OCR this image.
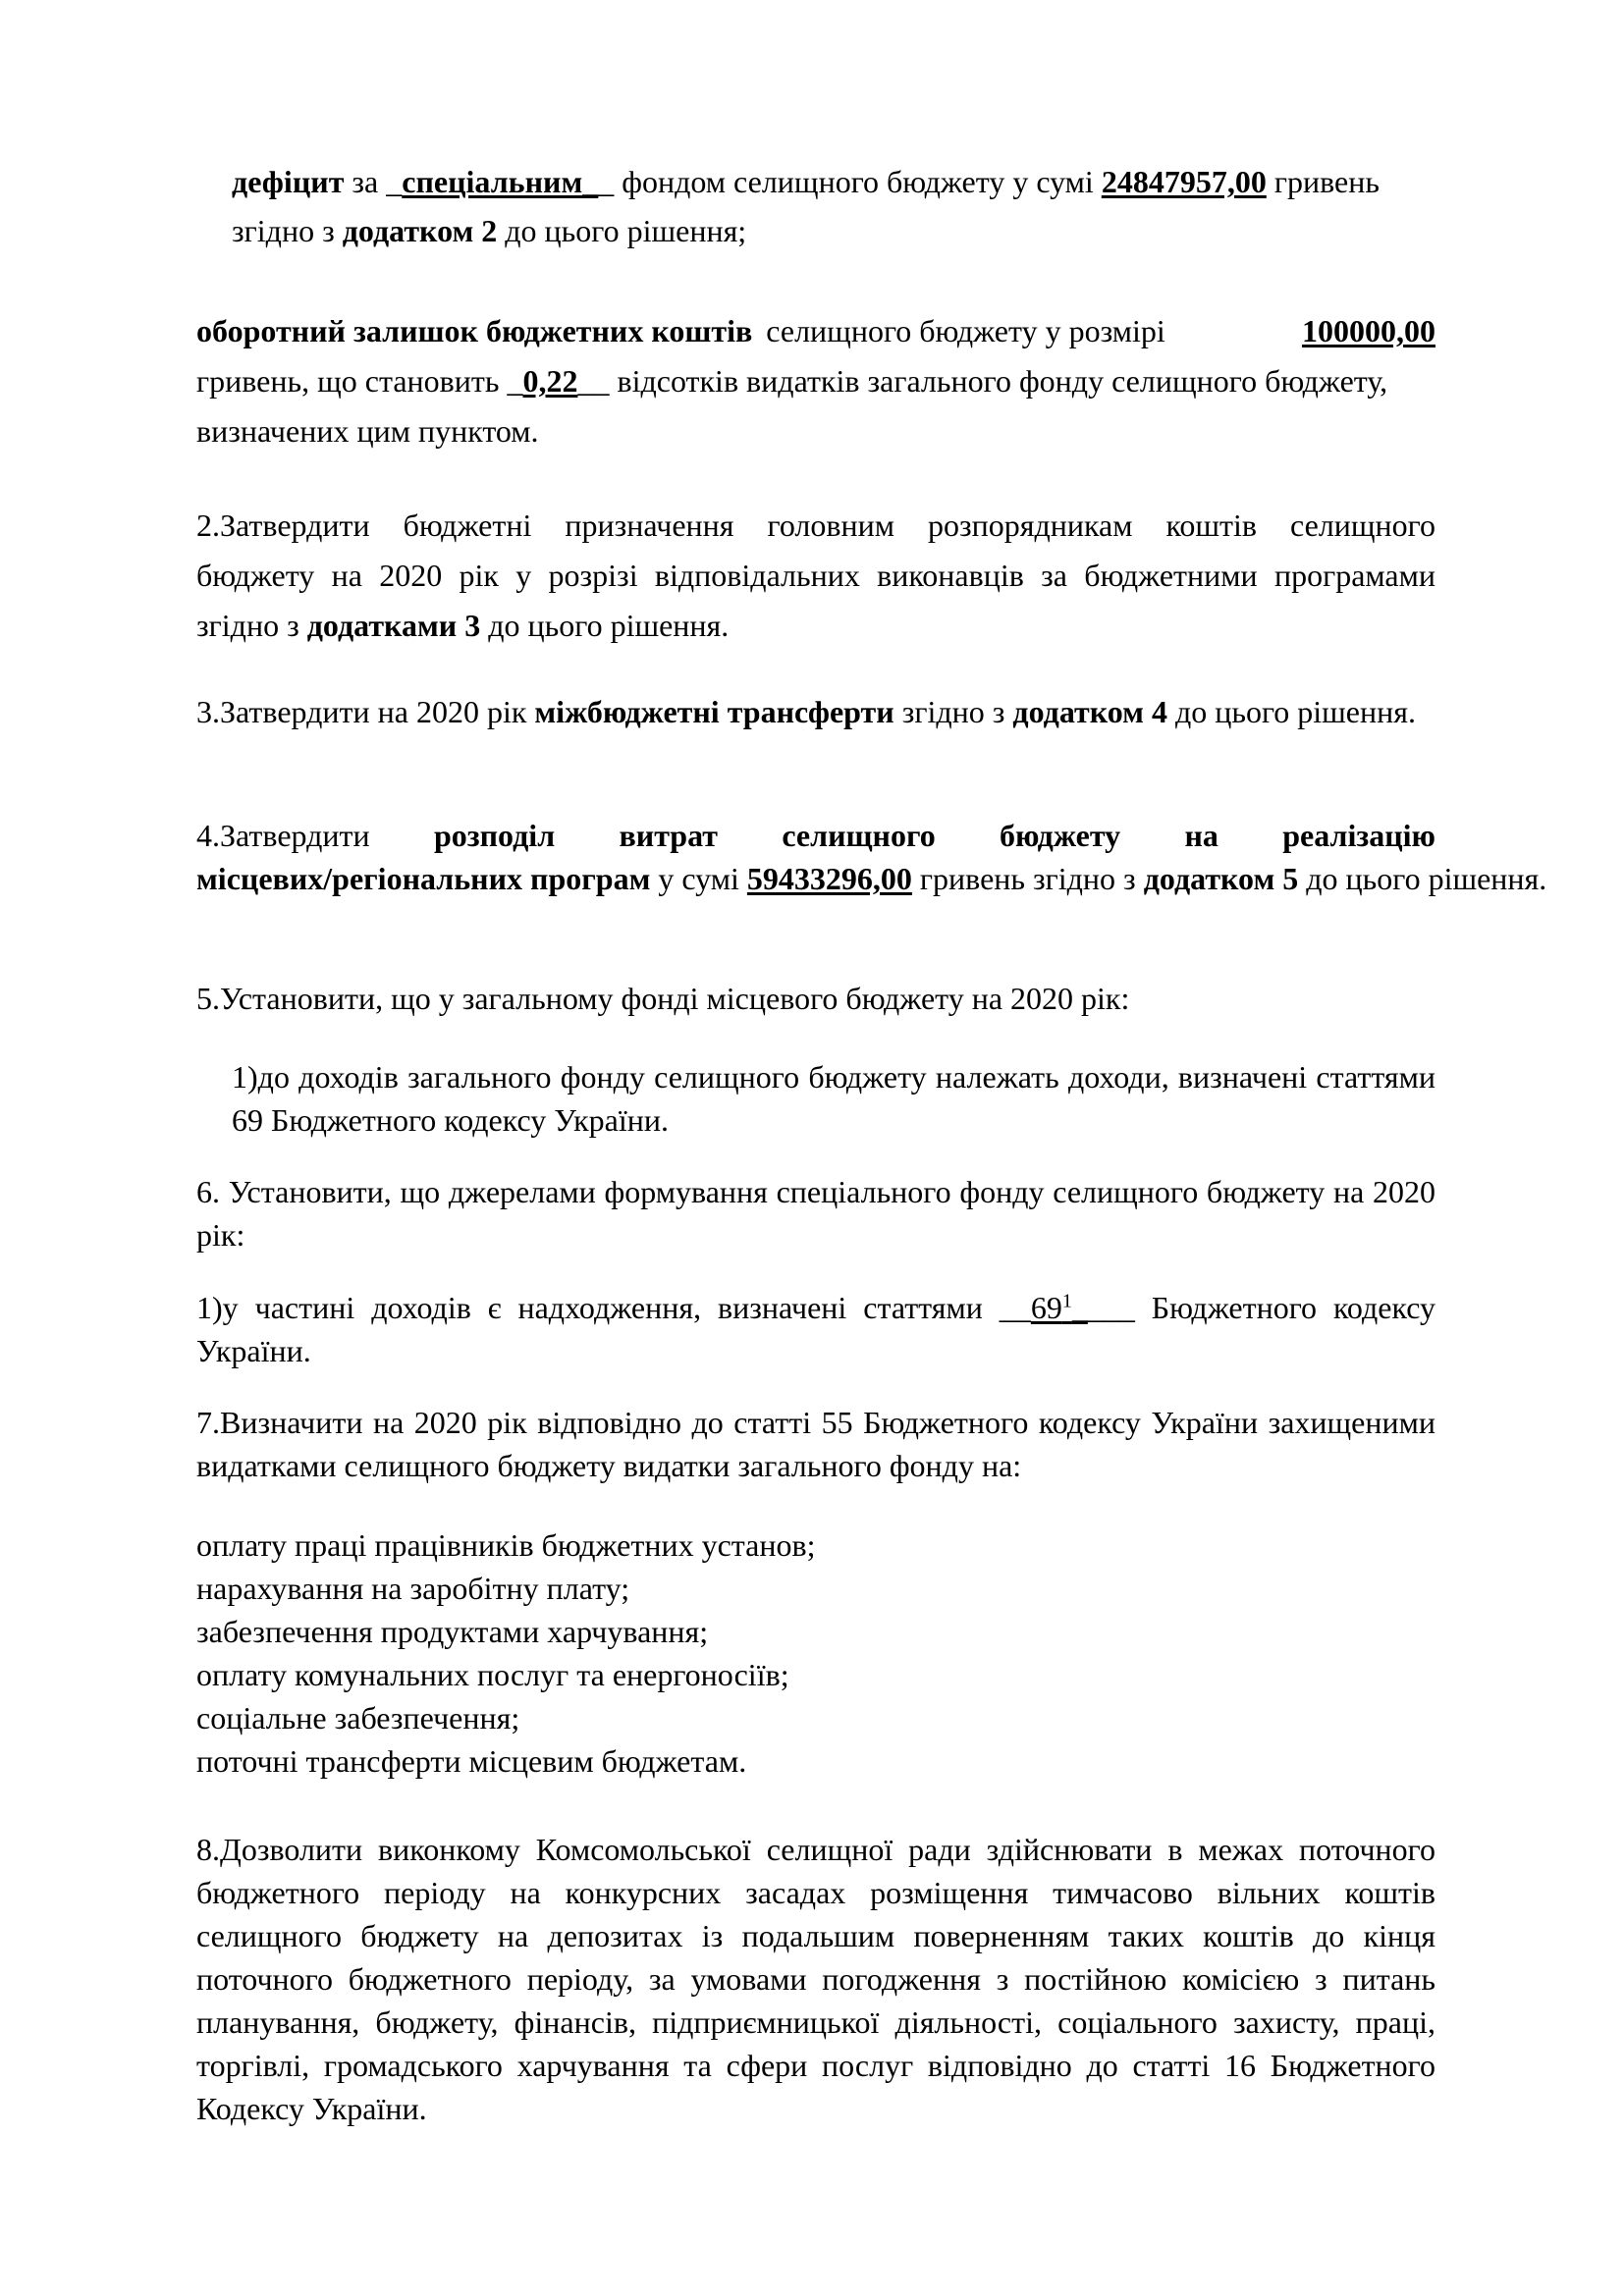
дефіцит за _спеціальним__ фондом селищного бюджету у сумі 24847957,00 гривень
згідно з додатком 2 до цього рішення;
оборотний залишок бюджетних коштів селищного бюджету у розмірі	100000,00
гривень, що становить _0,22__ відсотків видатків загального фонду селищного бюджету,
визначених цим пунктом.
2.Затвердити бюджетні призначення головним розпорядникам коштів селищного
бюджету на 2020 рік у розрізі відповідальних виконавців за бюджетними програмами
згідно з додатками 3 до цього рішення.
3.Затвердити на 2020 рік міжбюджетні трансферти згідно з додатком 4 до цього рішення.
4.Затвердити розподіл витрат селищного бюджету на реалізацію
місцевих/регіональних програм у сумі 59433296,00 гривень згідно з додатком 5 до цього рішення.
5.Установити, що у загальному фонді місцевого бюджету на 2020 рік:
1)до доходів загального фонду селищного бюджету належать доходи, визначені статтями 69 Бюджетного кодексу України.
6. Установити, що джерелами формування спеціального фонду селищного бюджету на 2020 рік:
1)у частині доходів є надходження, визначені статтями $\_\_69^1\_\_\_\_$ Бюджетного кодексу України.
7.Визначити на 2020 рік відповідно до статті 55 Бюджетного кодексу України захищеними видатками селищного бюджету видатки загального фонду на:
оплату праці працівників бюджетних установ;
нарахування на заробітну плату;
забезпечення продуктами харчування;
оплату комунальних послуг та енергоносіїв;
соціальне забезпечення;
поточні трансферти місцевим бюджетам.
8.Дозволити виконкому Комсомольської селищної ради здійснювати в межах поточного бюджетного періоду на конкурсних засадах розміщення тимчасово вільних коштів селищного бюджету на депозитах із подальшим поверненням таких коштів до кінця поточного бюджетного періоду, за умовами погодження з постійною комісією з питань планування, бюджету, фінансів, підприємницької діяльності, соціального захисту, праці, торгівлі, громадського харчування та сфери послуг відповідно до статті 16 Бюджетного Кодексу України.
